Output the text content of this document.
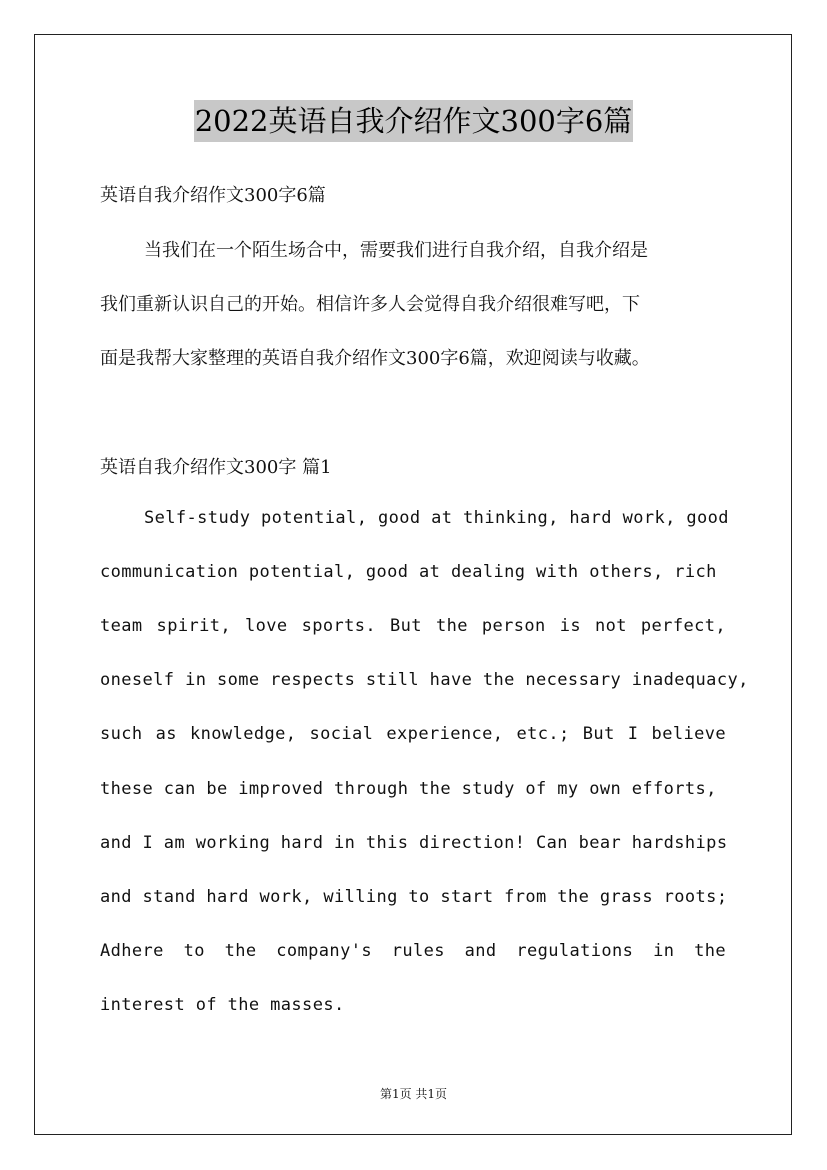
2022英语自我介绍作文300字6篇
英语自我介绍作文300字6篇
当我们在一个陌生场合中，需要我们进行自我介绍，自我介绍是
我们重新认识自己的开始。相信许多人会觉得自我介绍很难写吧，下
面是我帮大家整理的英语自我介绍作文300字6篇，欢迎阅读与收藏。
英语自我介绍作文300字 篇1
Self-study potential, good at thinking, hard work, good
communication potential, good at dealing with others, rich
team spirit, love sports. But the person is not perfect,
oneself in some respects still have the necessary inadequacy,
such as knowledge, social experience, etc.; But I believe
these can be improved through the study of my own efforts,
and I am working hard in this direction! Can bear hardships
and stand hard work, willing to start from the grass roots;
Adhere to the company's rules and regulations in the
interest of the masses.
第1页 共1页
